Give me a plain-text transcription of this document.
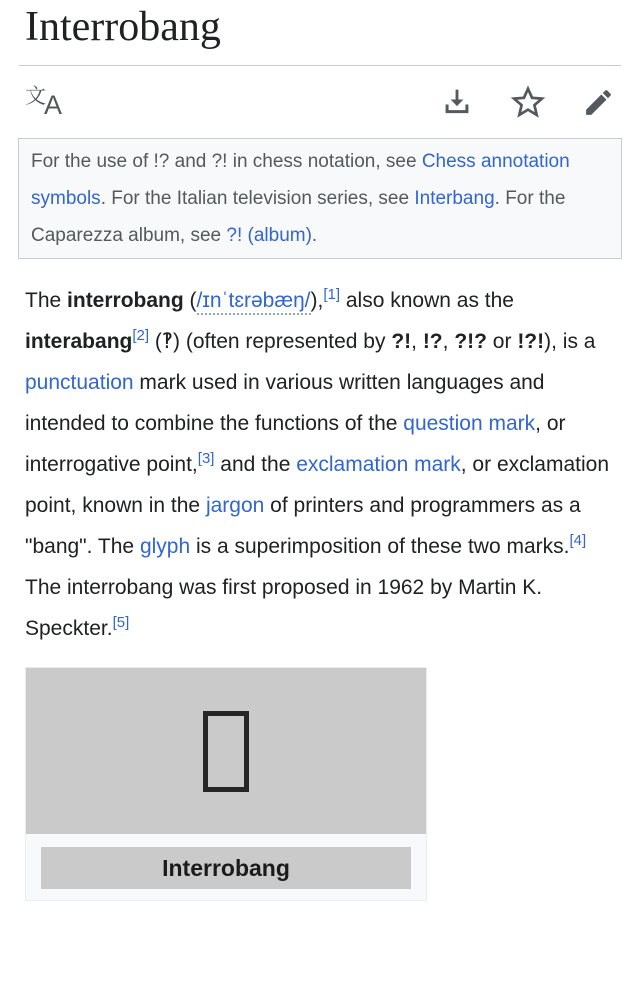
Interrobang
$^文$A
For the use of !? and ?! in chess notation, see Chess annotation symbols. For the Italian television series, see Interbang. For the Caparezza album, see ?! (album).

The interrobang (/ɪnˈtɛrəbæŋ/),[1] also known as the interabang[2] (‽) (often represented by ?!, !?, ?!? or !?!), is a punctuation mark used in various written languages and intended to combine the functions of the question mark, or interrogative point,[3] and the exclamation mark, or exclamation point, known in the jargon of printers and programmers as a "bang". The glyph is a superimposition of these two marks.[4] The interrobang was first proposed in 1962 by Martin K. Speckter.[5]

Interrobang
